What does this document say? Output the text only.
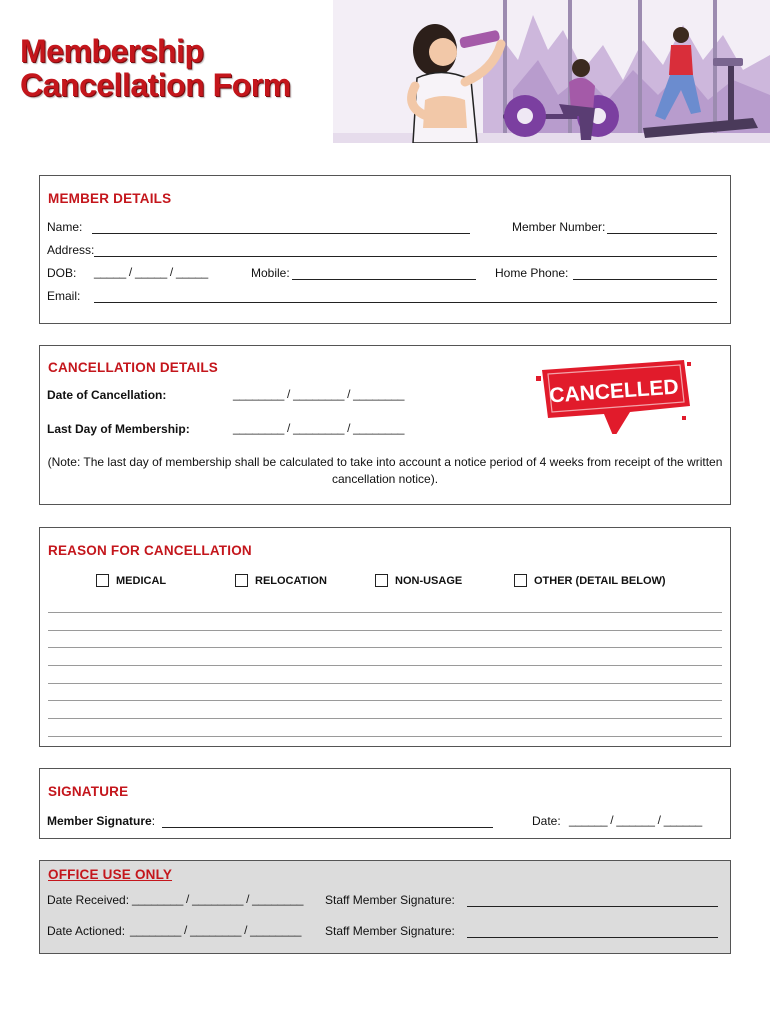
Membership
Cancellation Form
MEMBER DETAILS
Name:	Member Number:
Address:
DOB: _____ / _____ / _____	Mobile:	Home Phone:
Email:
CANCELLATION DETAILS
Date of Cancellation:	________ / ________ / ________
Last Day of Membership:	________ / ________ / ________
CANCELLED
(Note: The last day of membership shall be calculated to take into account a notice period of 4 weeks from receipt of the written cancellation notice).
REASON FOR CANCELLATION
MEDICAL	RELOCATION	NON-USAGE	OTHER (DETAIL BELOW)
SIGNATURE
Member Signature:	Date: ______ / ______ / ______
OFFICE USE ONLY
Date Received: ________ / ________ / ________ Staff Member Signature:
Date Actioned: ________ / ________ / ________ Staff Member Signature:
